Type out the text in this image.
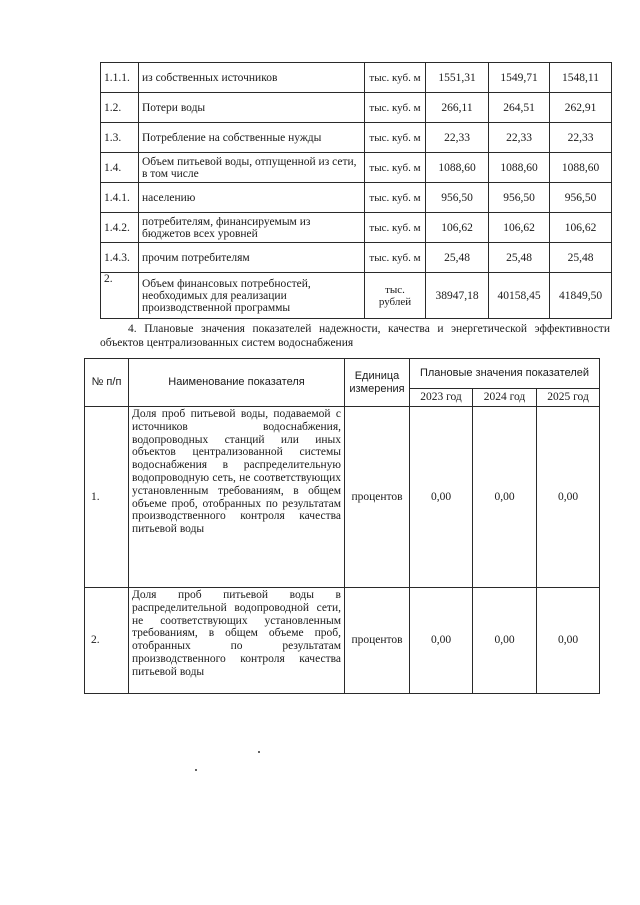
1.1.1.	из собственных источников	тыс. куб. м	1551,31	1549,71	1548,11
1.2.	Потери воды	тыс. куб. м	266,11	264,51	262,91
1.3.	Потребление на собственные нужды	тыс. куб. м	22,33	22,33	22,33
1.4.	Объем питьевой воды, отпущенной из сети, в том числе	тыс. куб. м	1088,60	1088,60	1088,60
1.4.1.	населению	тыс. куб. м	956,50	956,50	956,50
1.4.2.	потребителям, финансируемым из бюджетов всех уровней	тыс. куб. м	106,62	106,62	106,62
1.4.3.	прочим потребителям	тыс. куб. м	25,48	25,48	25,48
2.	Объем финансовых потребностей, необходимых для реализации производственной программы	тыс. рублей	38947,18	40158,45	41849,50

4. Плановые значения показателей надежности, качества и энергетической эффективности объектов централизованных систем водоснабжения

№ п/п	Наименование показателя	Единица измерения	Плановые значения показателей		
			2023 год	2024 год	2025 год
1.	Доля проб питьевой воды, подаваемой с источников водоснабжения, водопроводных станций или иных объектов централизованной системы водоснабжения в распределительную водопроводную сеть, не соответствующих установленным требованиям, в общем объеме проб, отобранных по результатам производственного контроля качества питьевой воды	процентов	0,00	0,00	0,00
2.	Доля проб питьевой воды в распределительной водопроводной сети, не соответствующих установленным требованиям, в общем объеме проб, отобранных по результатам производственного контроля качества питьевой воды	процентов	0,00	0,00	0,00
